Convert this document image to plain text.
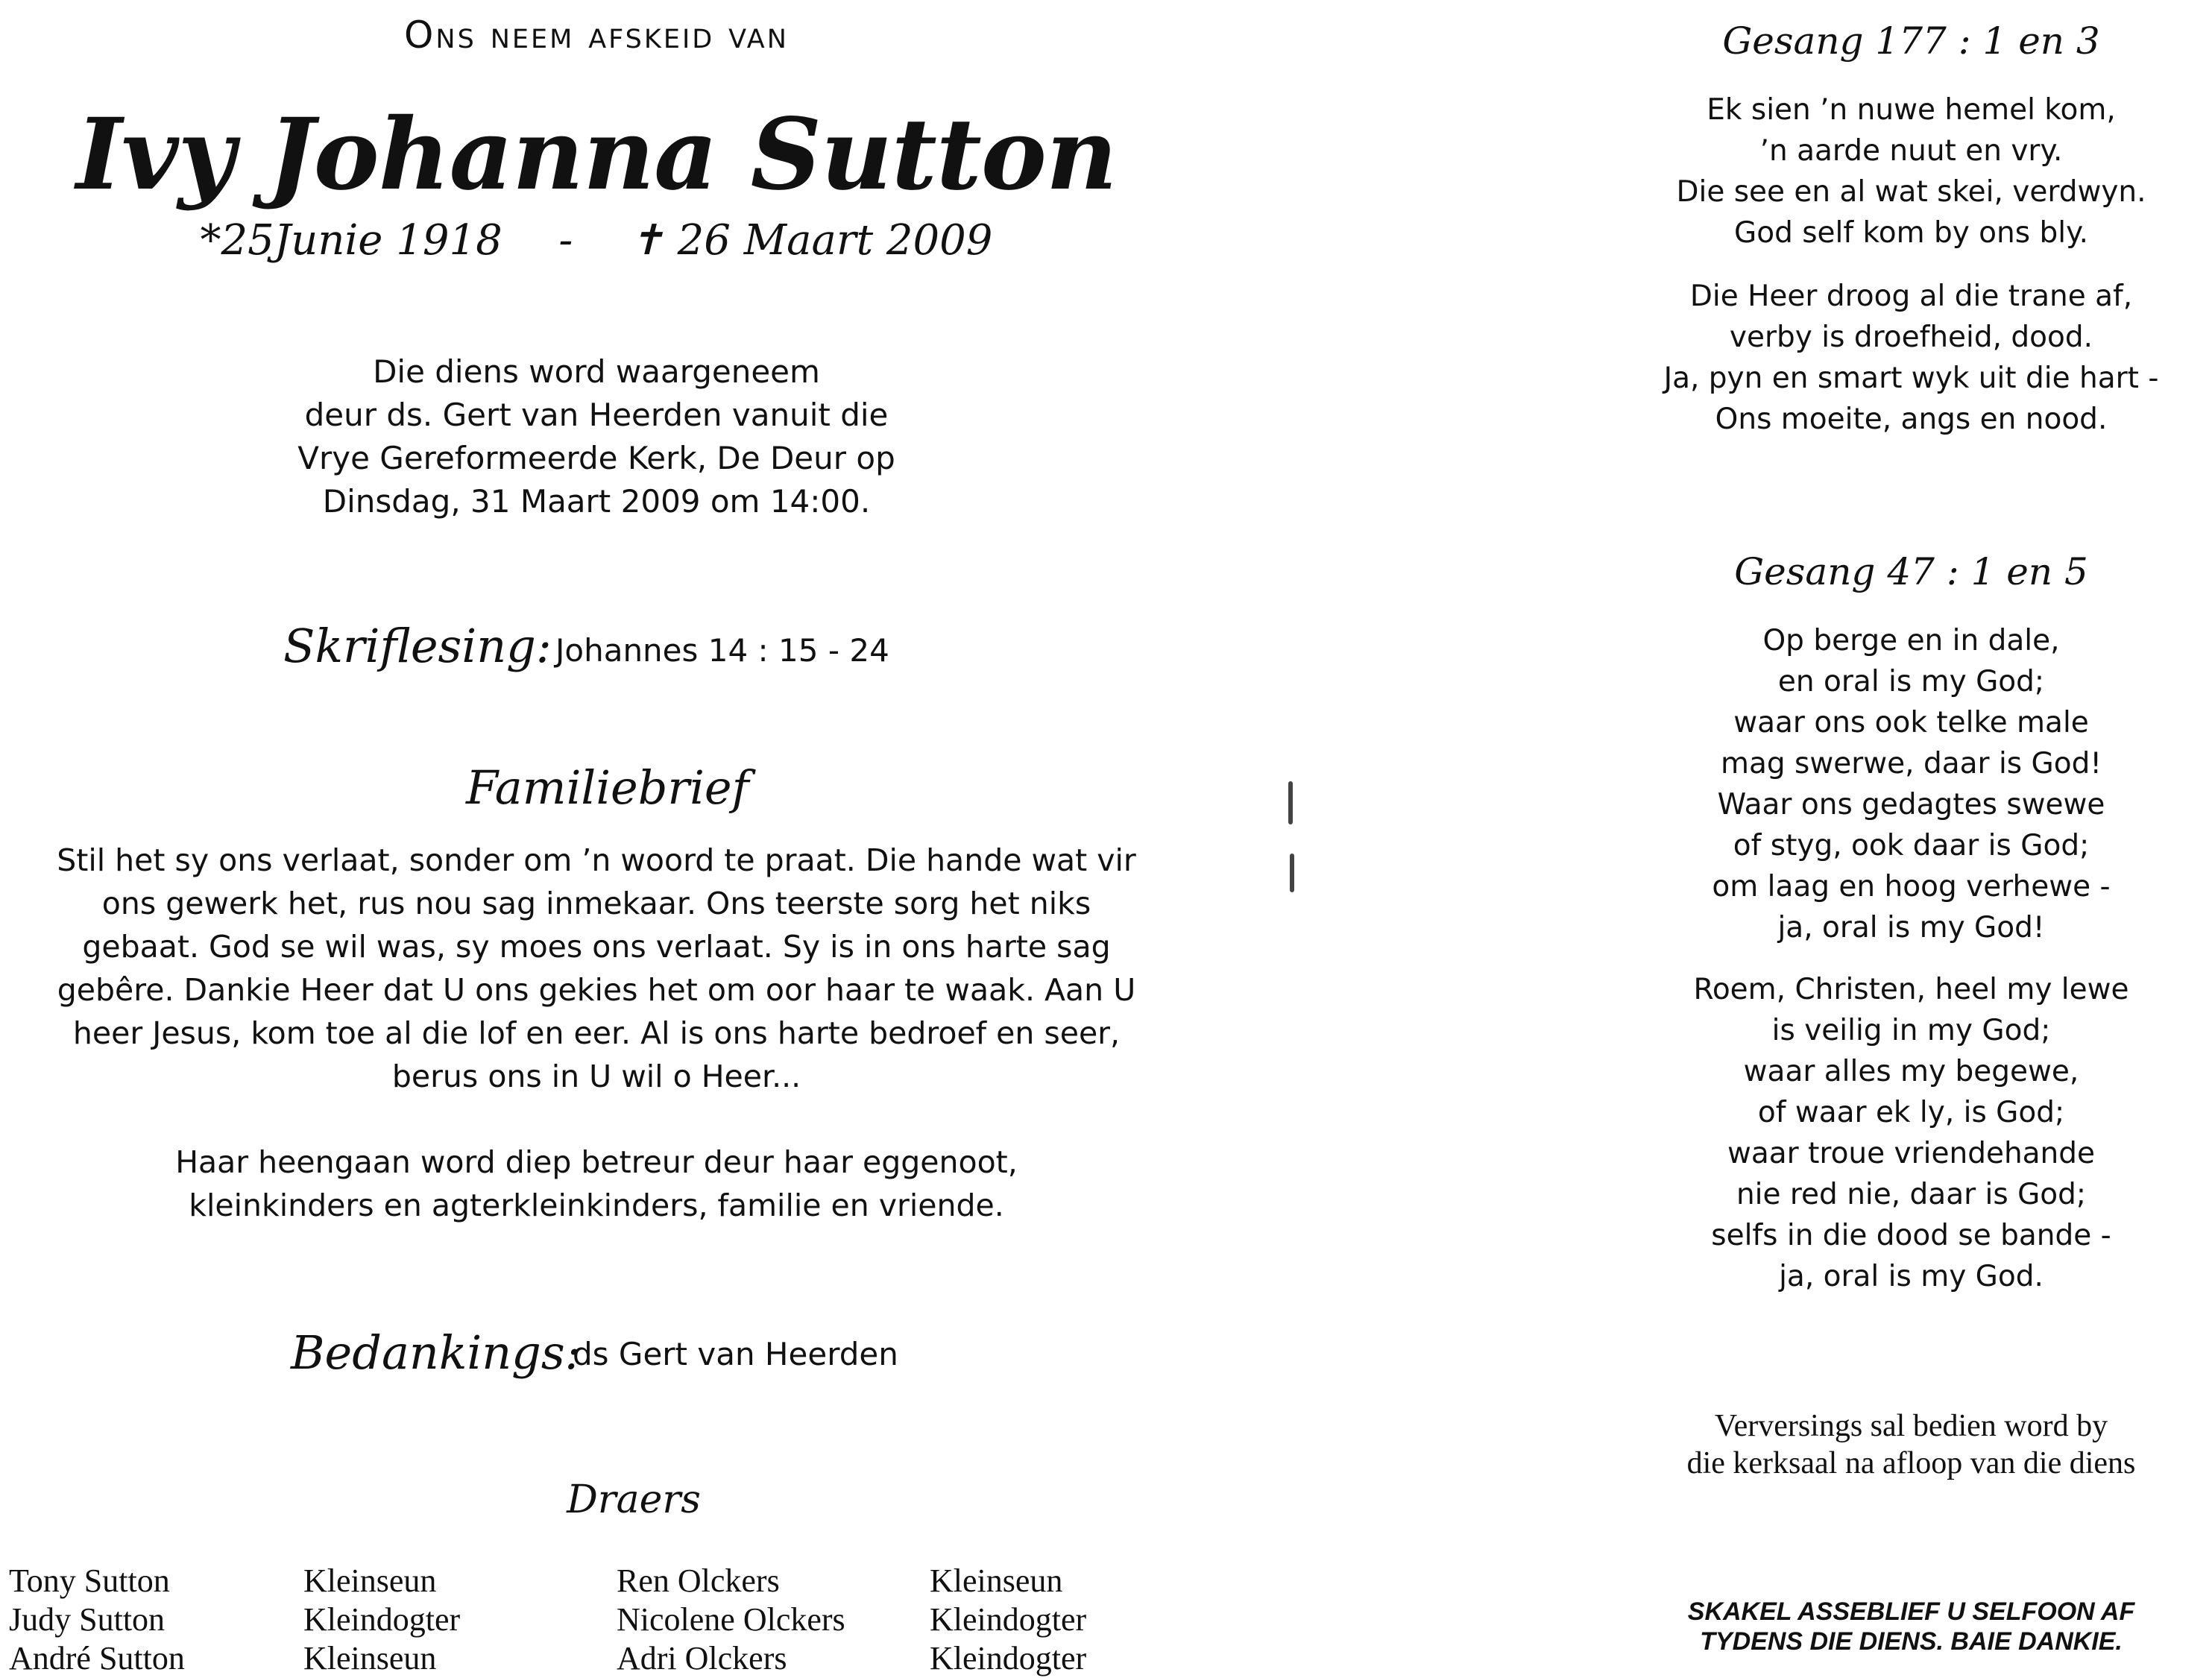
Ons neem afskeid van
Ivy Johanna Sutton
*25Junie 1918 - ✝ 26 Maart 2009
Die diens word waargeneem
deur ds. Gert van Heerden vanuit die
Vrye Gereformeerde Kerk, De Deur op
Dinsdag, 31 Maart 2009 om 14:00.
Skriflesing: Johannes 14 : 15 - 24
Familiebrief
Stil het sy ons verlaat, sonder om ’n woord te praat. Die hande wat vir
ons gewerk het, rus nou sag inmekaar. Ons teerste sorg het niks
gebaat. God se wil was, sy moes ons verlaat. Sy is in ons harte sag
gebêre. Dankie Heer dat U ons gekies het om oor haar te waak. Aan U
heer Jesus, kom toe al die lof en eer. Al is ons harte bedroef en seer,
berus ons in U wil o Heer...
Haar heengaan word diep betreur deur haar eggenoot,
kleinkinders en agterkleinkinders, familie en vriende.
Bedankings:
ds Gert van Heerden
Draers
Tony Sutton	Kleinseun	Ren Olckers	Kleinseun
Judy Sutton	Kleindogter	Nicolene Olckers	Kleindogter
André Sutton	Kleinseun	Adri Olckers	Kleindogter
Gesang 177 : 1 en 3
Ek sien ’n nuwe hemel kom,
’n aarde nuut en vry.
Die see en al wat skei, verdwyn.
God self kom by ons bly.
Die Heer droog al die trane af,
verby is droefheid, dood.
Ja, pyn en smart wyk uit die hart -
Ons moeite, angs en nood.
Gesang 47 : 1 en 5
Op berge en in dale,
en oral is my God;
waar ons ook telke male
mag swerwe, daar is God!
Waar ons gedagtes swewe
of styg, ook daar is God;
om laag en hoog verhewe -
ja, oral is my God!
Roem, Christen, heel my lewe
is veilig in my God;
waar alles my begewe,
of waar ek ly, is God;
waar troue vriendehande
nie red nie, daar is God;
selfs in die dood se bande -
ja, oral is my God.
Verversings sal bedien word by
die kerksaal na afloop van die diens
SKAKEL ASSEBLIEF U SELFOON AF
TYDENS DIE DIENS. BAIE DANKIE.
